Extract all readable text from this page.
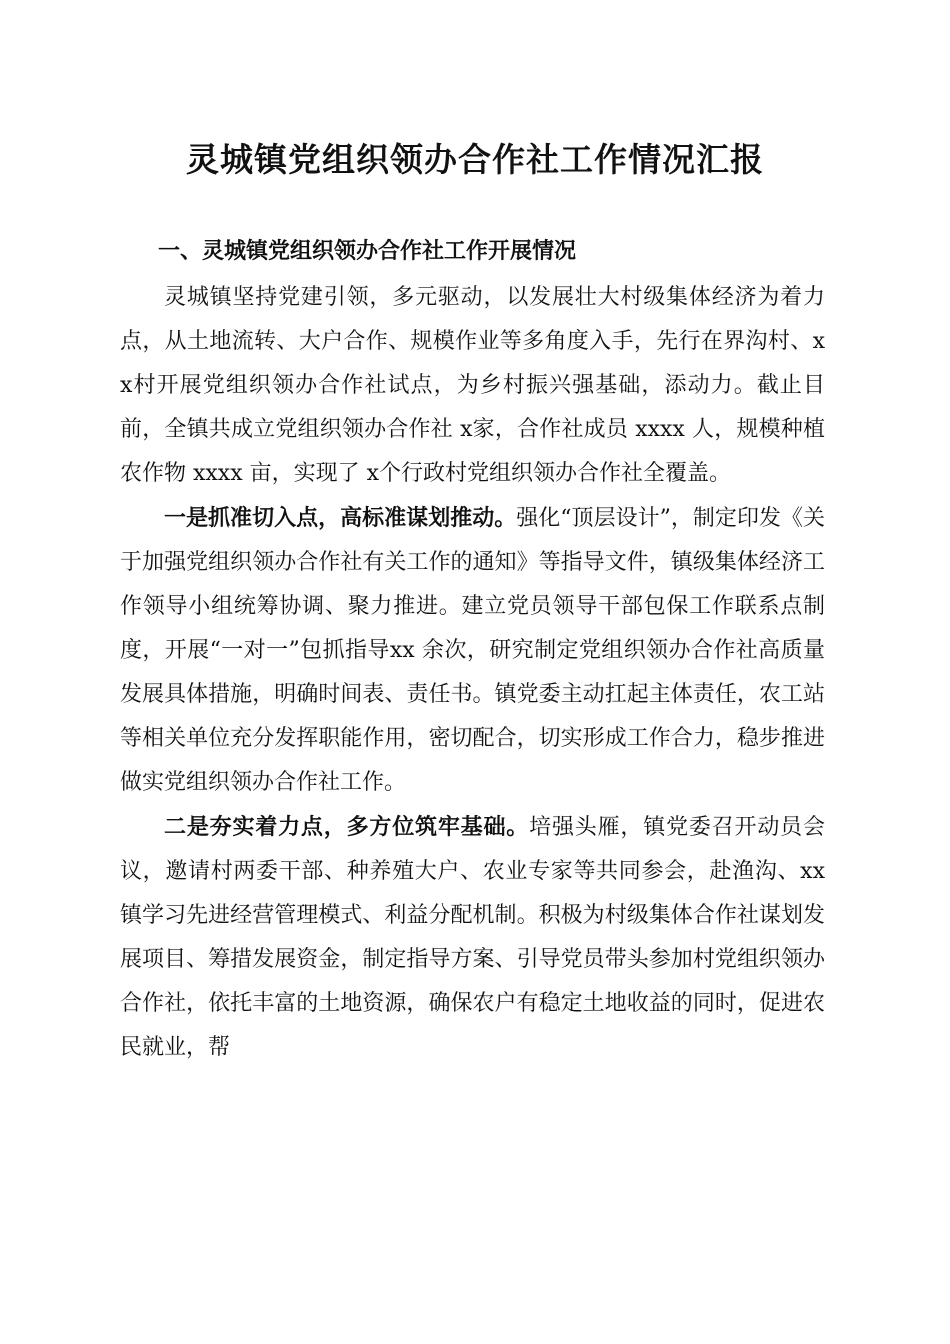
灵城镇党组织领办合作社工作情况汇报
一、灵城镇党组织领办合作社工作开展情况

灵城镇坚持党建引领，多元驱动，以发展壮大村级集体经济为着力点，从土地流转、大户合作、规模作业等多角度入手，先行在界沟村、xx村开展党组织领办合作社试点，为乡村振兴强基础，添动力。截止目前，全镇共成立党组织领办合作社 x家，合作社成员 xxxx 人，规模种植农作物 xxxx 亩，实现了 x个行政村党组织领办合作社全覆盖。

一是抓准切入点，高标准谋划推动。强化“顶层设计”，制定印发《关于加强党组织领办合作社有关工作的通知》等指导文件，镇级集体经济工作领导小组统筹协调、聚力推进。建立党员领导干部包保工作联系点制度，开展“一对一”包抓指导xx 余次，研究制定党组织领办合作社高质量发展具体措施，明确时间表、责任书。镇党委主动扛起主体责任，农工站等相关单位充分发挥职能作用，密切配合，切实形成工作合力，稳步推进做实党组织领办合作社工作。

二是夯实着力点，多方位筑牢基础。培强头雁，镇党委召开动员会议，邀请村两委干部、种养殖大户、农业专家等共同参会，赴渔沟、xx 镇学习先进经营管理模式、利益分配机制。积极为村级集体合作社谋划发展项目、筹措发展资金，制定指导方案、引导党员带头参加村党组织领办合作社，依托丰富的土地资源，确保农户有稳定土地收益的同时，促进农民就业，帮
